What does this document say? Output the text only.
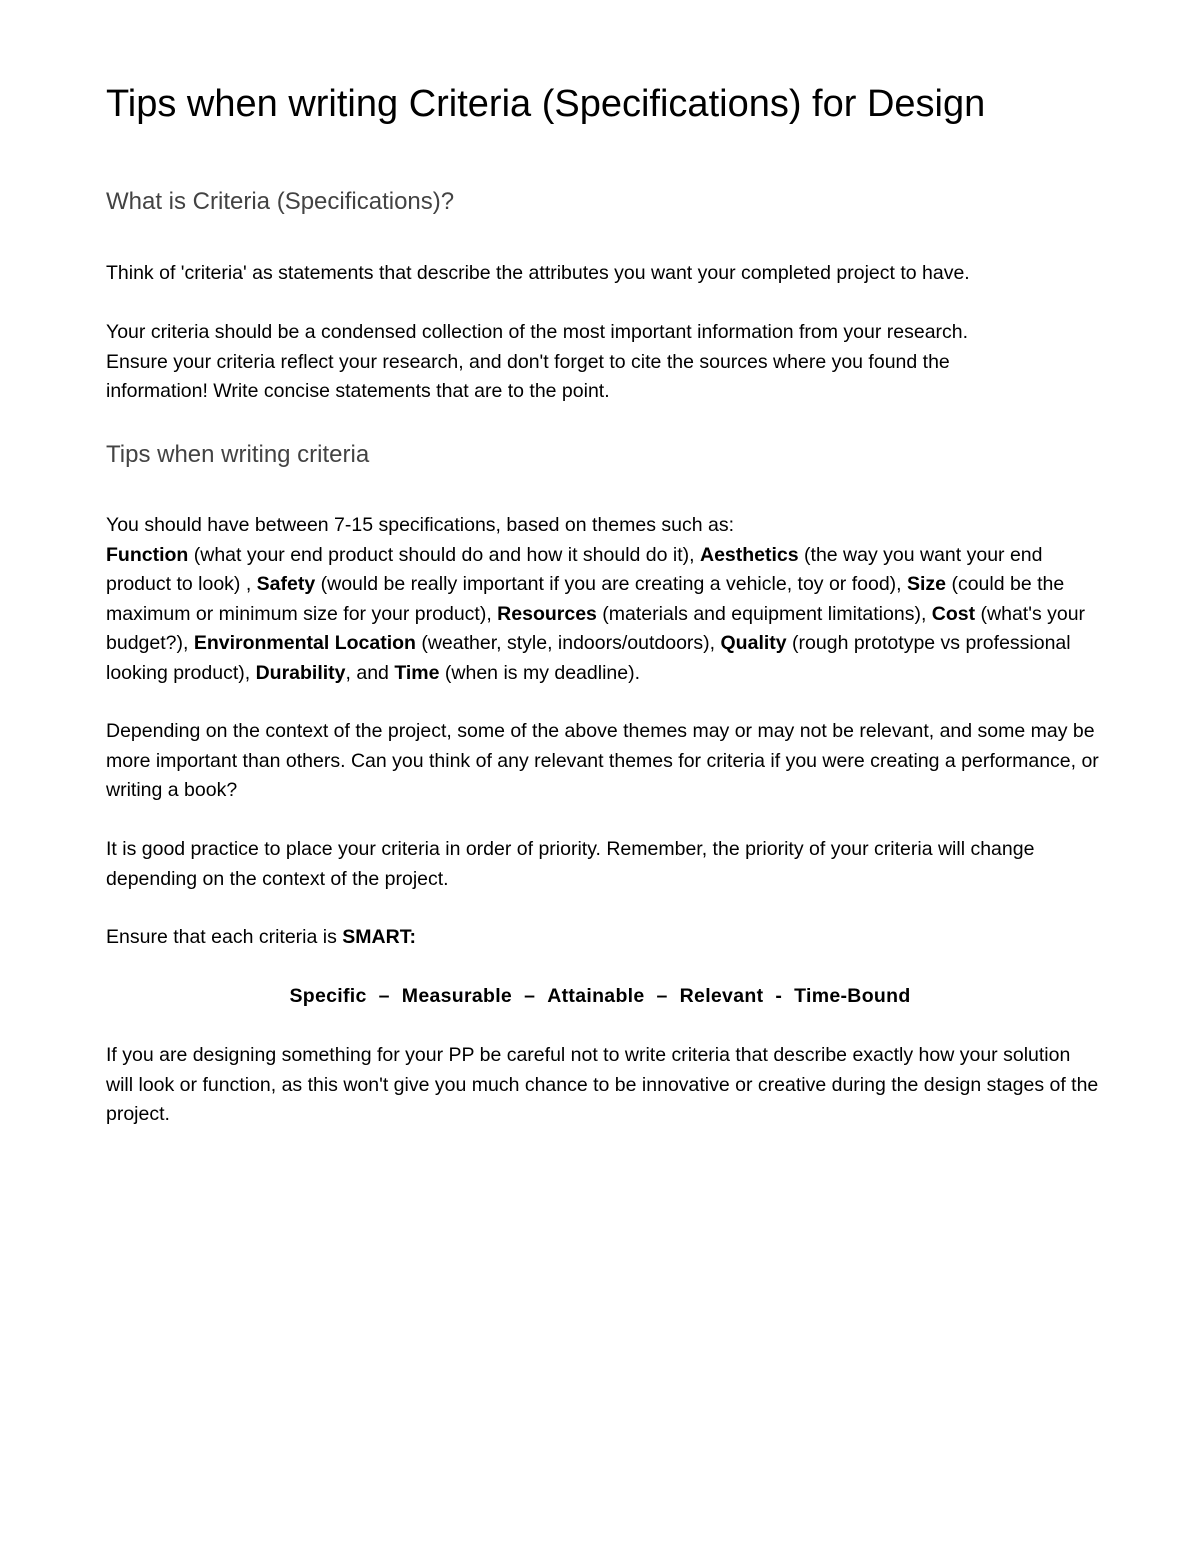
Tips when writing Criteria (Specifications) for Design
What is Criteria (Specifications)?

Think of 'criteria' as statements that describe the attributes you want your completed project to have.

Your criteria should be a condensed collection of the most important information from your research.
Ensure your criteria reflect your research, and don't forget to cite the sources where you found the
information! Write concise statements that are to the point.
Tips when writing criteria
You should have between 7-15 specifications, based on themes such as:
Function (what your end product should do and how it should do it), Aesthetics (the way you want your end product to look) , Safety (would be really important if you are creating a vehicle, toy or food), Size (could be the maximum or minimum size for your product), Resources (materials and equipment limitations), Cost (what's your budget?), Environmental Location (weather, style, indoors/outdoors), Quality (rough prototype vs professional looking product), Durability, and Time (when is my deadline).

Depending on the context of the project, some of the above themes may or may not be relevant, and some may be more important than others. Can you think of any relevant themes for criteria if you were creating a performance, or writing a book?

It is good practice to place your criteria in order of priority. Remember, the priority of your criteria will change depending on the context of the project.

Ensure that each criteria is SMART:

Specific – Measurable – Attainable – Relevant - Time-Bound

If you are designing something for your PP be careful not to write criteria that describe exactly how your solution will look or function, as this won't give you much chance to be innovative or creative during the design stages of the project.
